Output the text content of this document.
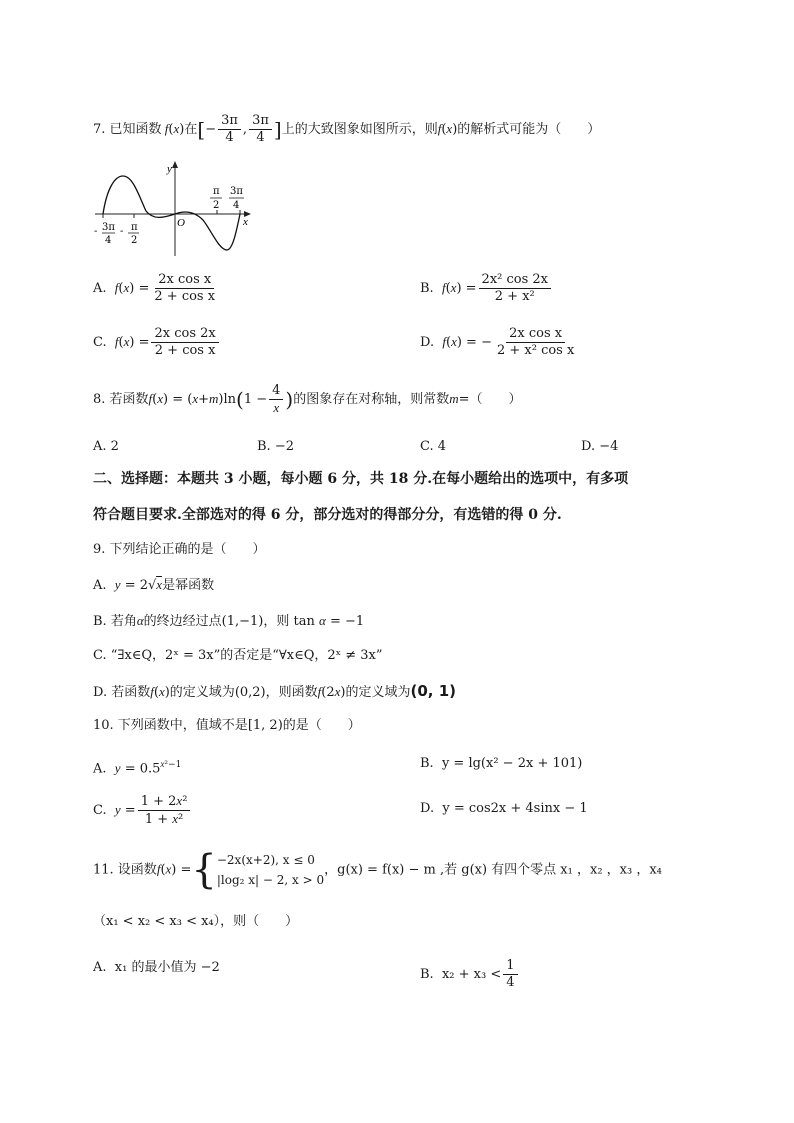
7. 已知函数 f(x)在[− $\frac{3\pi}{4}$ , $\frac{3\pi}{4}$ ]上的大致图象如图所示，则f(x)的解析式可能为（　　）
y
x
O
- 3π
4
- π
2
π
2
3π
4
A. $f(x) = \frac{\text{2x cos x}}{\text{2 + cos x}}$	B. $f(x) = \frac{\text{2x² cos 2x}}{\text{2 + x²}}$
C. $f(x) = \frac{\text{2x cos 2x}}{\text{2 + cos x}}$	D. f(x) = − $\frac{\text{2x cos x}}{\text{2 + x² cos x}}$
8. 若函数$f(x) = (x+m)\ln(1 - \frac{4}{x}$ )的图象存在对称轴，则常数m=（　　）
A. 2	B. −2	C. 4	D. −4
二、选择题：本题共 3 小题，每小题 6 分，共 18 分.在每小题给出的选项中，有多项
符合题目要求.全部选对的得 6 分，部分选对的得部分分，有选错的得 0 分.
9. 下列结论正确的是（　　）
A. y = 2√x是幂函数
B. 若角α的终边经过点(1,−1)，则 tan α = −1
C. “∃x∈Q，2ˣ = 3x”的否定是“∀x∈Q，2ˣ ≠ 3x”
D. 若函数f(x)的定义域为(0,2)，则函数f(2x)的定义域为(0, 1)
10. 下列函数中，值域不是[1, 2)的是（　　）
A. $y = 0.5^{x^2-1}$	B. y = lg(x² − 2x + 101)
C. $y = \frac{\text{1 + 2x²}}{\text{1 + x²}}$	D. y = cos2x + 4sinx − 1
11. 设函数f(x) ={ −2x(x+2), x ≤ 0
|log₂ x| − 2, x > 0
，g(x) = f(x) − m ,若 g(x) 有四个零点 x₁ ，x₂ ，x₃ ，x₄
（x₁ < x₂ < x₃ < x₄），则（　　）
A. x₁ 的最小值为 −2	B. $x_2 + x_3 < \frac{1}{4}$
